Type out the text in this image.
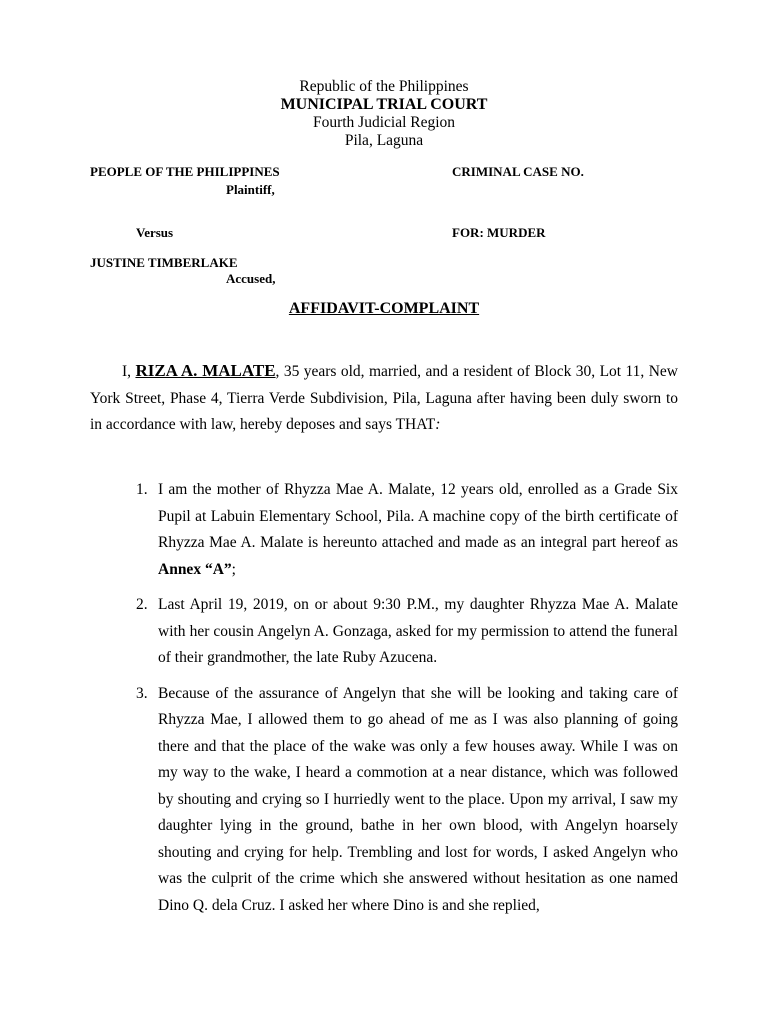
Republic of the Philippines
MUNICIPAL TRIAL COURT
Fourth Judicial Region
Pila, Laguna
PEOPLE OF THE PHILIPPINES
Plaintiff,
CRIMINAL CASE NO.
Versus	FOR: MURDER
JUSTINE TIMBERLAKE
Accused,
AFFIDAVIT-COMPLAINT
I, RIZA A. MALATE, 35 years old, married, and a resident of Block 30, Lot 11, New York Street, Phase 4, Tierra Verde Subdivision, Pila, Laguna after having been duly sworn to in accordance with law, hereby deposes and says THAT:
1. I am the mother of Rhyzza Mae A. Malate, 12 years old, enrolled as a Grade Six Pupil at Labuin Elementary School, Pila. A machine copy of the birth certificate of Rhyzza Mae A. Malate is hereunto attached and made as an integral part hereof as Annex “A”;
2. Last April 19, 2019, on or about 9:30 P.M., my daughter Rhyzza Mae A. Malate with her cousin Angelyn A. Gonzaga, asked for my permission to attend the funeral of their grandmother, the late Ruby Azucena.
3. Because of the assurance of Angelyn that she will be looking and taking care of Rhyzza Mae, I allowed them to go ahead of me as I was also planning of going there and that the place of the wake was only a few houses away. While I was on my way to the wake, I heard a commotion at a near distance, which was followed by shouting and crying so I hurriedly went to the place. Upon my arrival, I saw my daughter lying in the ground, bathe in her own blood, with Angelyn hoarsely shouting and crying for help. Trembling and lost for words, I asked Angelyn who was the culprit of the crime which she answered without hesitation as one named Dino Q. dela Cruz. I asked her where Dino is and she replied,
